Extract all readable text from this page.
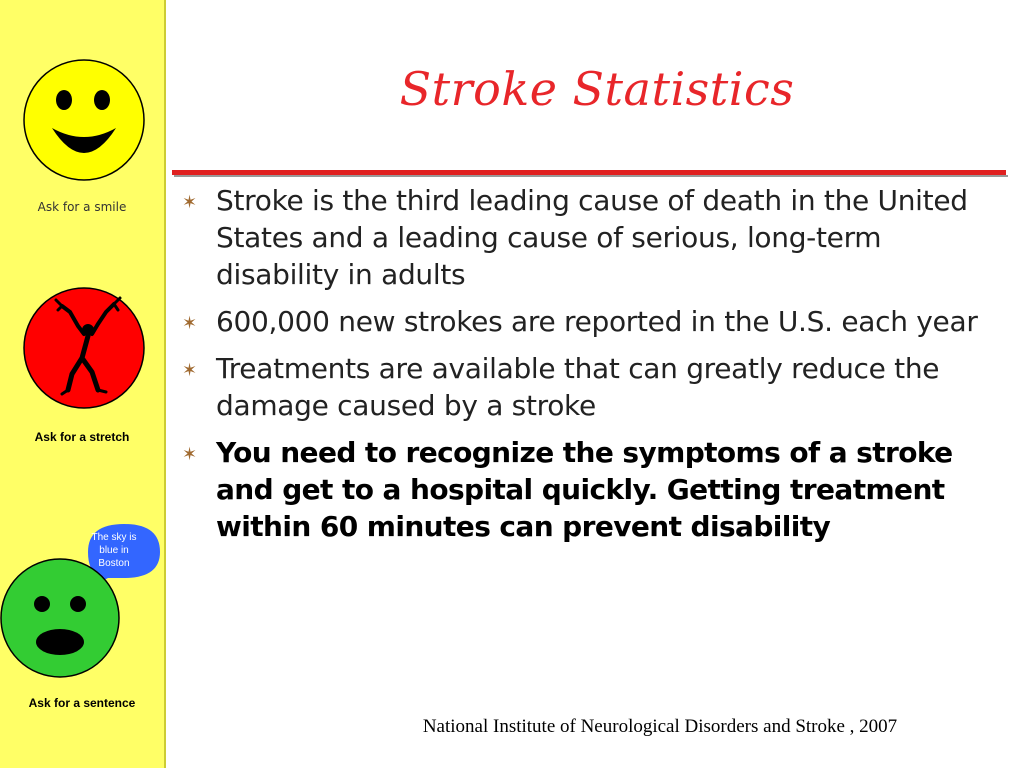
Ask for a smile
Ask for a stretch
The sky is blue in Boston
Ask for a sentence
Stroke Statistics
✶ Stroke is the third leading cause of death in the United States and a leading cause of serious, long-term disability in adults
✶ 600,000 new strokes are reported in the U.S. each year
✶ Treatments are available that can greatly reduce the damage caused by a stroke
✶ You need to recognize the symptoms of a stroke and get to a hospital quickly. Getting treatment within 60 minutes can prevent disability
National Institute of Neurological Disorders and Stroke , 2007
